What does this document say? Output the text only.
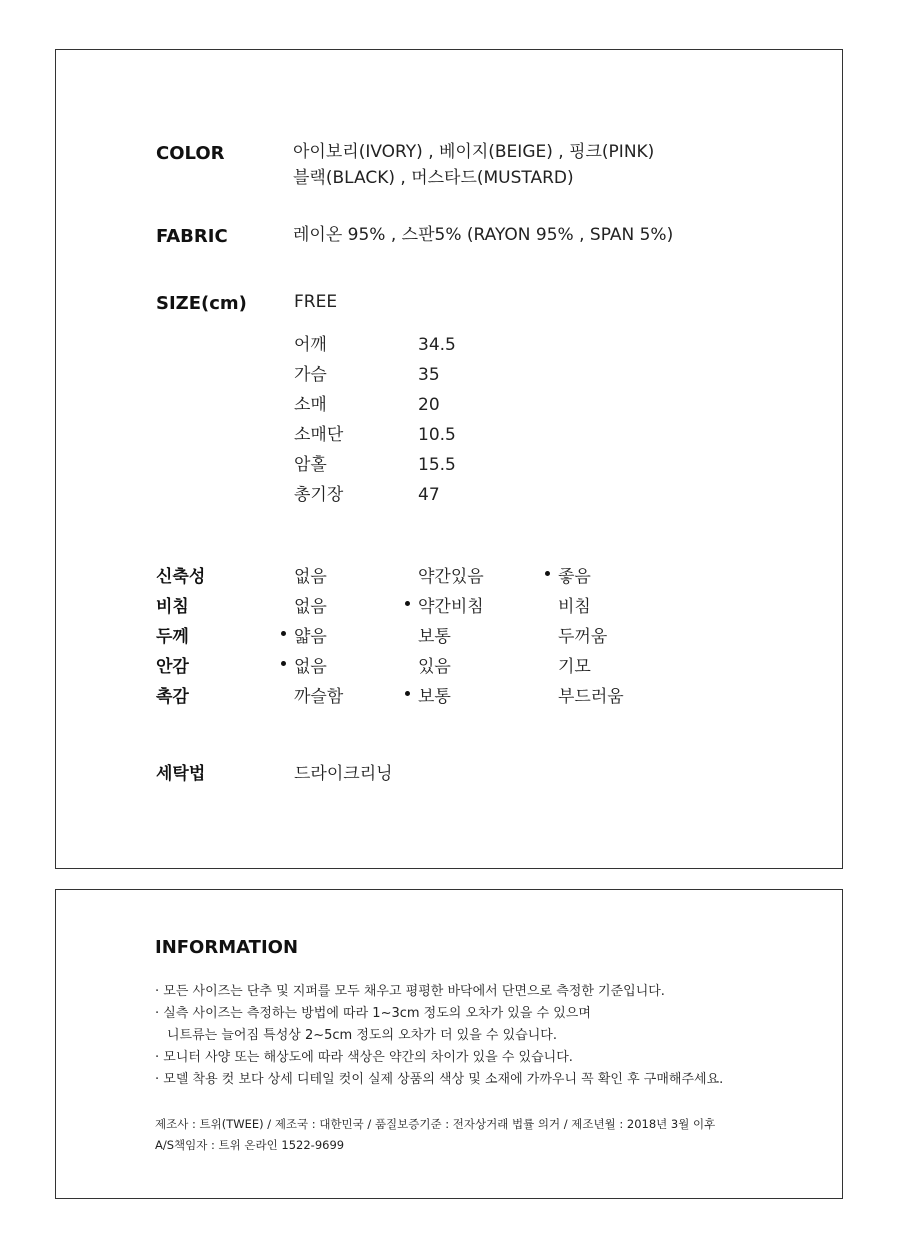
COLOR	아이보리(IVORY) , 베이지(BEIGE) , 핑크(PINK)
블랙(BLACK) , 머스타드(MUSTARD)
FABRIC	레이온 95% , 스판5% (RAYON 95% , SPAN 5%)
SIZE(cm)	FREE
어깨	34.5
가슴	35
소매	20
소매단	10.5
암홀	15.5
총기장	47
신축성	없음	약간있음	좋음
비침	없음	약간비침	비침
두께	얇음	보통	두꺼움
안감	없음	있음	기모
촉감	까슬함	보통	부드러움
세탁법	드라이크리닝
INFORMATION
· 모든 사이즈는 단추 및 지퍼를 모두 채우고 평평한 바닥에서 단면으로 측정한 기준입니다.
· 실측 사이즈는 측정하는 방법에 따라 1~3cm 정도의 오차가 있을 수 있으며
니트류는 늘어짐 특성상 2~5cm 정도의 오차가 더 있을 수 있습니다.
· 모니터 사양 또는 해상도에 따라 색상은 약간의 차이가 있을 수 있습니다.
· 모델 착용 컷 보다 상세 디테일 컷이 실제 상품의 색상 및 소재에 가까우니 꼭 확인 후 구매해주세요.
제조사 : 트위(TWEE) / 제조국 : 대한민국 / 품질보증기준 : 전자상거래 법률 의거 / 제조년월 : 2018년 3월 이후
A/S책임자 : 트위 온라인 1522-9699
